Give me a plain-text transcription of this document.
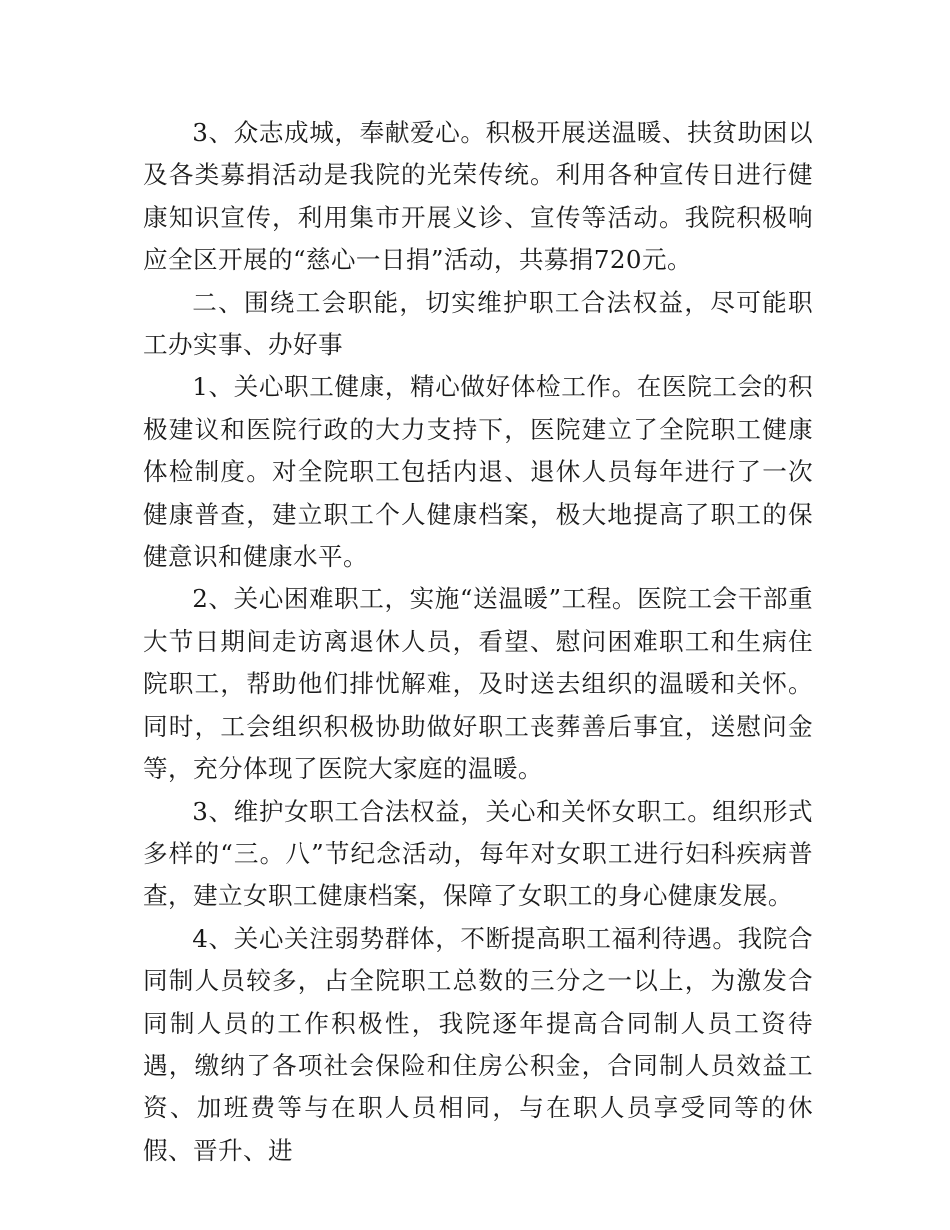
3、众志成城，奉献爱心。积极开展送温暖、扶贫助困以及各类募捐活动是我院的光荣传统。利用各种宣传日进行健康知识宣传，利用集市开展义诊、宣传等活动。我院积极响应全区开展的“慈心一日捐”活动，共募捐720元。

二、围绕工会职能，切实维护职工合法权益，尽可能职工办实事、办好事

1、关心职工健康，精心做好体检工作。在医院工会的积极建议和医院行政的大力支持下，医院建立了全院职工健康体检制度。对全院职工包括内退、退休人员每年进行了一次健康普查，建立职工个人健康档案，极大地提高了职工的保健意识和健康水平。

2、关心困难职工，实施“送温暖”工程。医院工会干部重大节日期间走访离退休人员，看望、慰问困难职工和生病住院职工，帮助他们排忧解难，及时送去组织的温暖和关怀。同时，工会组织积极协助做好职工丧葬善后事宜，送慰问金等，充分体现了医院大家庭的温暖。

3、维护女职工合法权益，关心和关怀女职工。组织形式多样的“三。八”节纪念活动，每年对女职工进行妇科疾病普查，建立女职工健康档案，保障了女职工的身心健康发展。

4、关心关注弱势群体，不断提高职工福利待遇。我院合同制人员较多，占全院职工总数的三分之一以上，为激发合同制人员的工作积极性，我院逐年提高合同制人员工资待遇，缴纳了各项社会保险和住房公积金，合同制人员效益工资、加班费等与在职人员相同，与在职人员享受同等的休假、晋升、进
